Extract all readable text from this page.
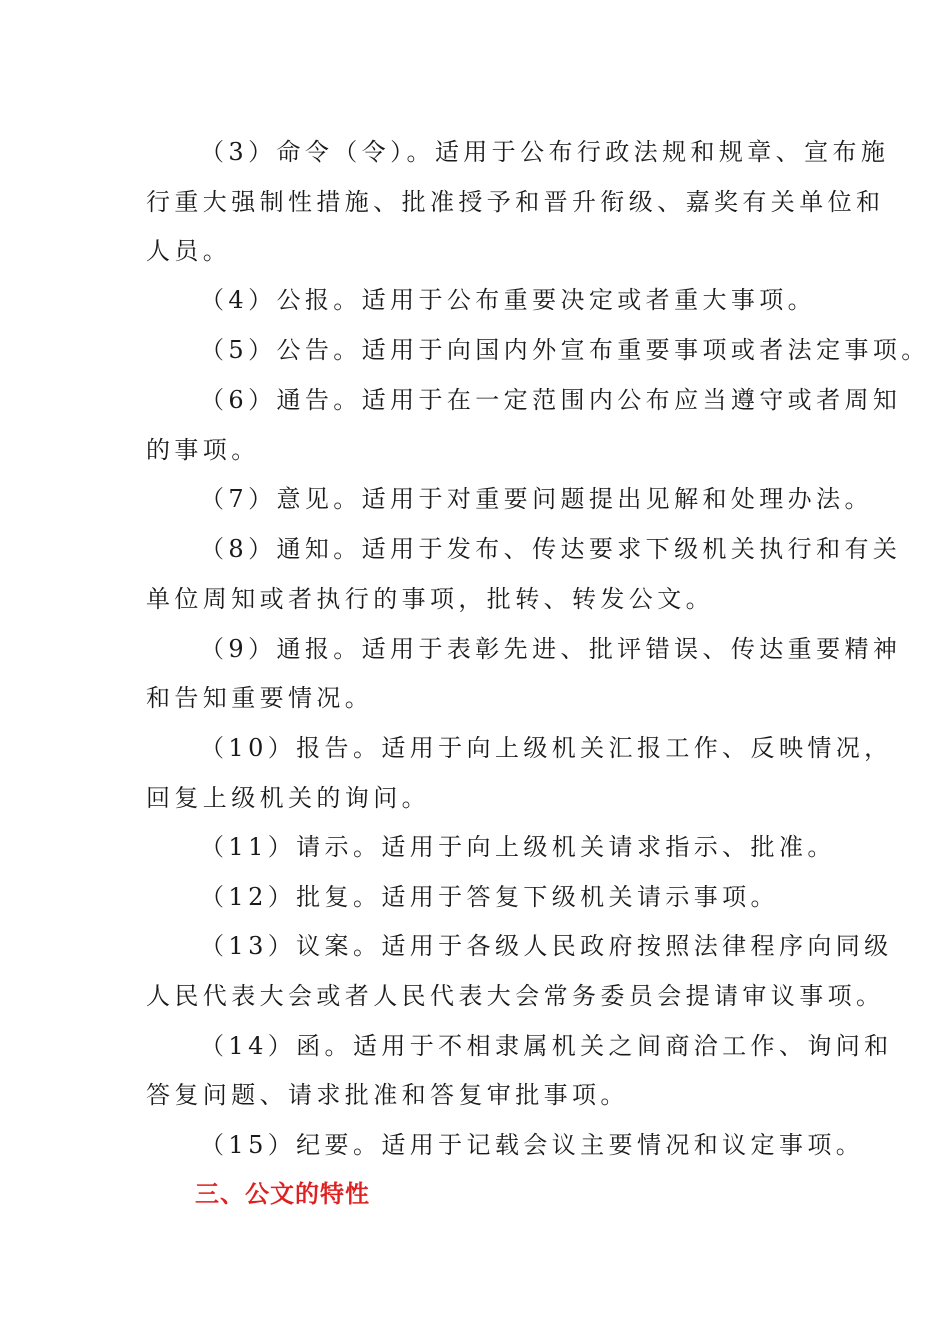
（3）命令（令）。适用于公布行政法规和规章、宣布施
行重大强制性措施、批准授予和晋升衔级、嘉奖有关单位和
人员。
（4）公报。适用于公布重要决定或者重大事项。
（5）公告。适用于向国内外宣布重要事项或者法定事项。
（6）通告。适用于在一定范围内公布应当遵守或者周知
的事项。
（7）意见。适用于对重要问题提出见解和处理办法。
（8）通知。适用于发布、传达要求下级机关执行和有关
单位周知或者执行的事项，批转、转发公文。
（9）通报。适用于表彰先进、批评错误、传达重要精神
和告知重要情况。
（10）报告。适用于向上级机关汇报工作、反映情况，
回复上级机关的询问。
（11）请示。适用于向上级机关请求指示、批准。
（12）批复。适用于答复下级机关请示事项。
（13）议案。适用于各级人民政府按照法律程序向同级
人民代表大会或者人民代表大会常务委员会提请审议事项。
（14）函。适用于不相隶属机关之间商洽工作、询问和
答复问题、请求批准和答复审批事项。
（15）纪要。适用于记载会议主要情况和议定事项。
三、公文的特性
